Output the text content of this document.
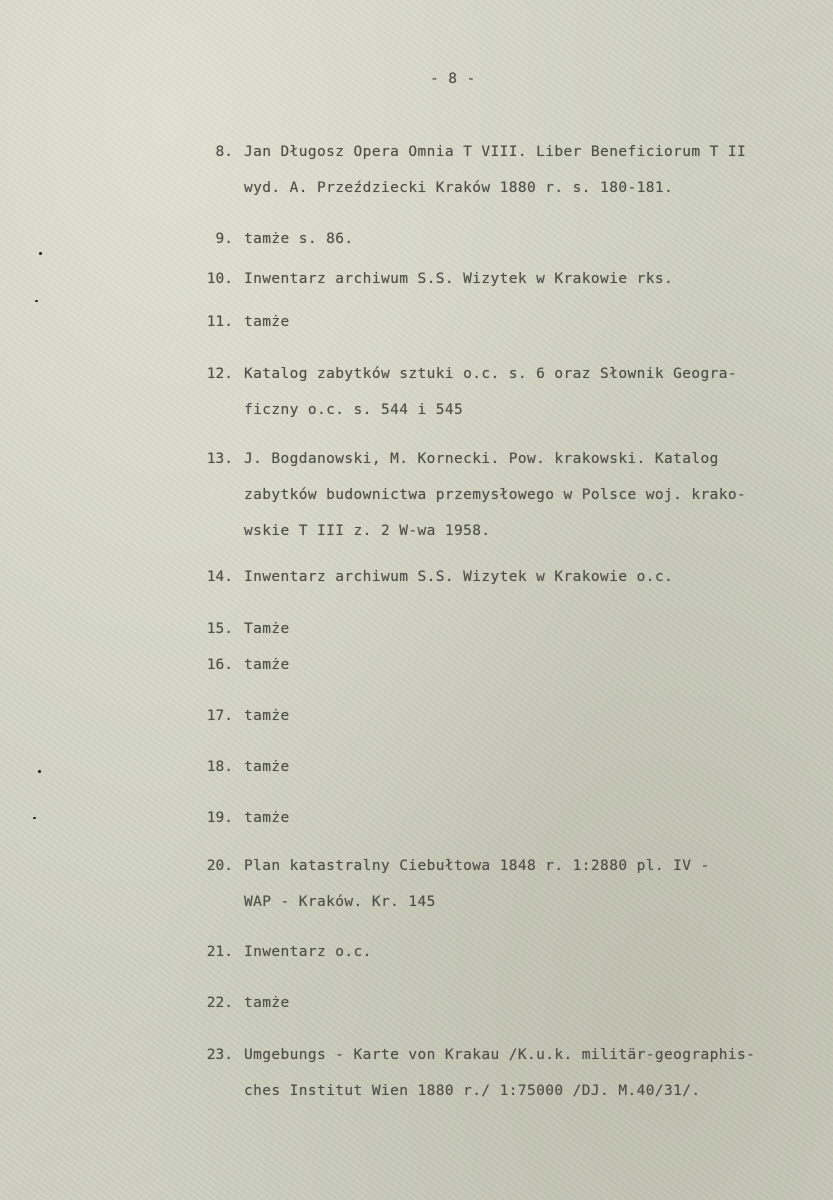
- 8 -
8. Jan Długosz Opera Omnia T VIII. Liber Beneficiorum T II
wyd. A. Przeździecki Kraków 1880 r. s. 180-181.
9. tamże s. 86.
10. Inwentarz archiwum S.S. Wizytek w Krakowie rks.
11. tamże
12. Katalog zabytków sztuki o.c. s. 6 oraz Słownik Geogra-
ficzny o.c. s. 544 i 545
13. J. Bogdanowski, M. Kornecki. Pow. krakowski. Katalog
zabytków budownictwa przemysłowego w Polsce woj. krako-
wskie T III z. 2 W-wa 1958.
14. Inwentarz archiwum S.S. Wizytek w Krakowie o.c.
15. Tamże
16. tamże
17. tamże
18. tamże
19. tamże
20. Plan katastralny Ciebułtowa 1848 r. 1:2880 pl. IV -
WAP - Kraków. Kr. 145
21. Inwentarz o.c.
22. tamże
23. Umgebungs - Karte von Krakau /K.u.k. militär-geographis-
ches Institut Wien 1880 r./ 1:75000 /DJ. M.40/31/.
